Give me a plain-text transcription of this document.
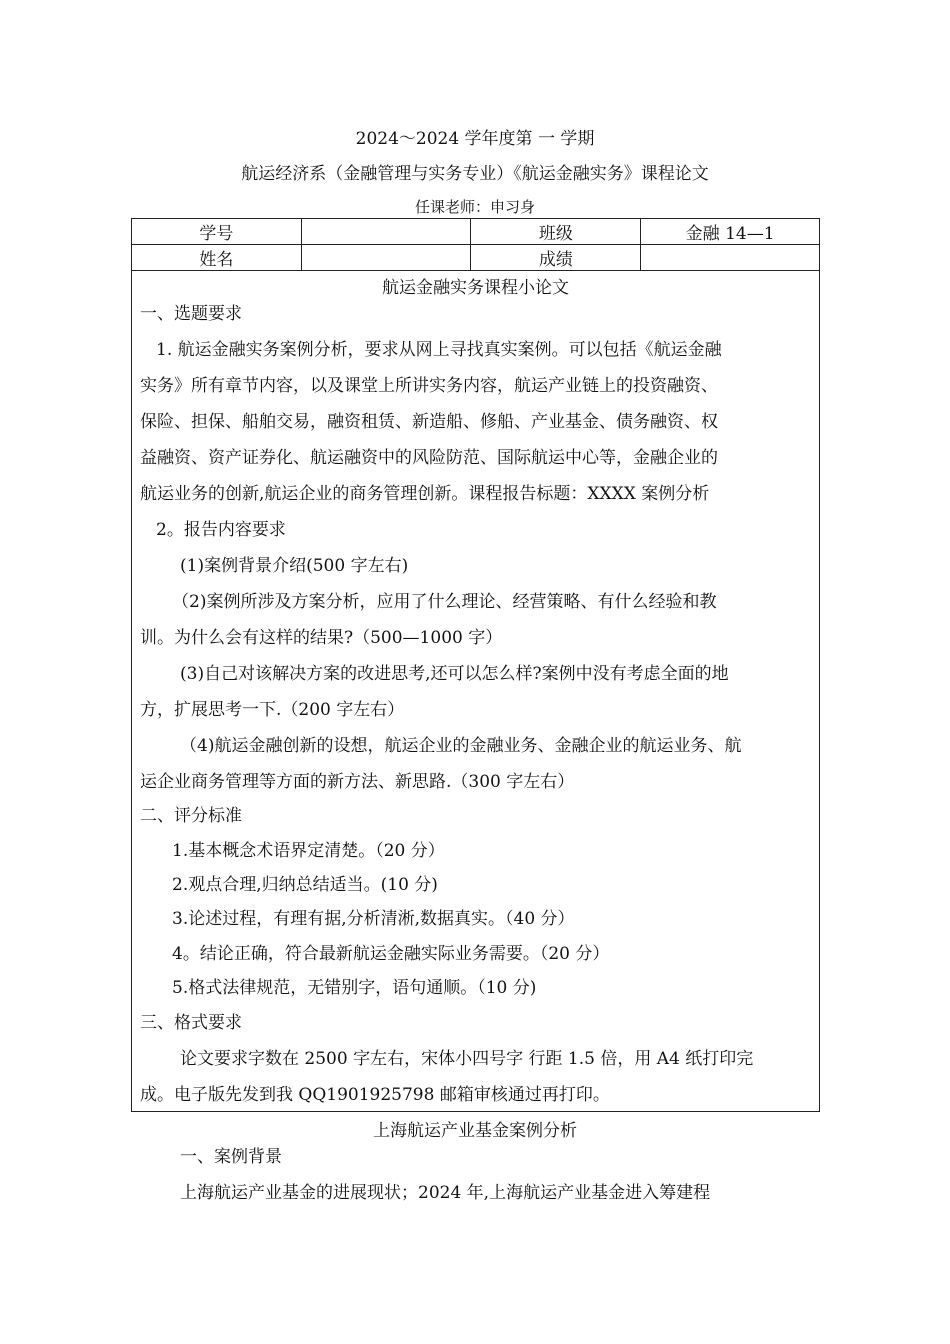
2024～2024 学年度第 一 学期
航运经济系（金融管理与实务专业）《航运金融实务》课程论文
任课老师：申习身
学号		班级	金融 14—1
姓名		成绩	
航运金融实务课程小论文
一、选题要求
1. 航运金融实务案例分析，要求从网上寻找真实案例。可以包括《航运金融
实务》所有章节内容，以及课堂上所讲实务内容，航运产业链上的投资融资、
保险、担保、船舶交易，融资租赁、新造船、修船、产业基金、债务融资、权
益融资、资产证券化、航运融资中的风险防范、国际航运中心等，金融企业的
航运业务的创新,航运企业的商务管理创新。课程报告标题：XXXX 案例分析
2。报告内容要求
(1)案例背景介绍(500 字左右)
（2)案例所涉及方案分析，应用了什么理论、经营策略、有什么经验和教
训。为什么会有这样的结果?（500—1000 字）
(3)自己对该解决方案的改进思考,还可以怎么样?案例中没有考虑全面的地
方，扩展思考一下.（200 字左右）
（4)航运金融创新的设想，航运企业的金融业务、金融企业的航运业务、航
运企业商务管理等方面的新方法、新思路.（300 字左右）
二、评分标准
1.基本概念术语界定清楚。（20 分）
2.观点合理,归纳总结适当。(10 分)
3.论述过程，有理有据,分析清淅,数据真实。（40 分）
4。结论正确，符合最新航运金融实际业务需要。（20 分）
5.格式法律规范，无错别字，语句通顺。（10 分)
三、格式要求
论文要求字数在 2500 字左右，宋体小四号字 行距 1.5 倍，用 A4 纸打印完
成。电子版先发到我 QQ1901925798 邮箱审核通过再打印。
上海航运产业基金案例分析
一、案例背景
上海航运产业基金的进展现状；2024 年,上海航运产业基金进入筹建程
